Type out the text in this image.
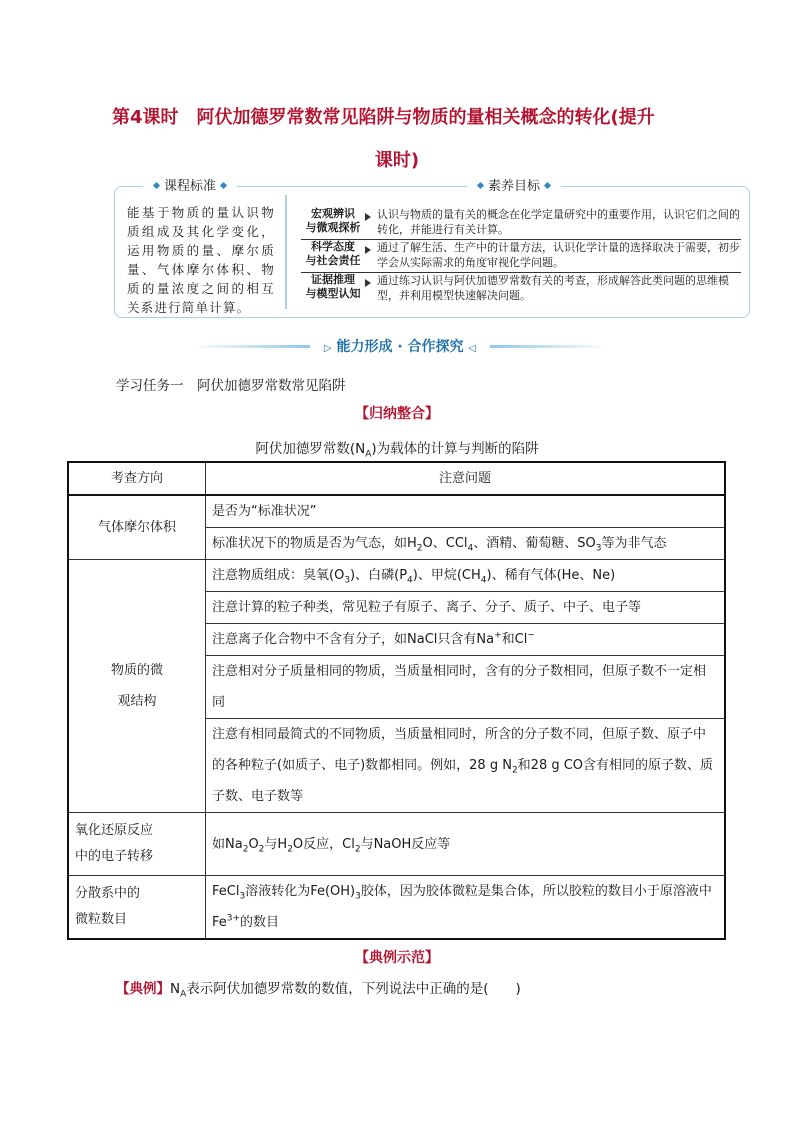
第4课时　阿伏加德罗常数常见陷阱与物质的量相关概念的转化(提升
课时)
课程标准	素养目标
能基于物质的量认识物质组成及其化学变化，运用物质的量、摩尔质量、气体摩尔体积、物质的量浓度之间的相互关系进行简单计算。
宏观辨识
与微观探析
认识与物质的量有关的概念在化学定量研究中的重要作用，认识它们之间的转化，并能进行有关计算。
科学态度
与社会责任
通过了解生活、生产中的计量方法，认识化学计量的选择取决于需要，初步学会从实际需求的角度审视化学问题。
证据推理
与模型认知
通过练习认识与阿伏加德罗常数有关的考查，形成解答此类问题的思维模型，并利用模型快速解决问题。
▷ 能力形成 · 合作探究 ◁
学习任务一　阿伏加德罗常数常见陷阱
【归纳整合】
阿伏加德罗常数$(N_A)$为载体的计算与判断的陷阱
考查方向	注意问题
气体摩尔体积	是否为“标准状况”
	标准状况下的物质是否为气态，如$H_2O$、CCl$_4$、酒精、葡萄糖、$SO_3$等为非气态
物质的微
观结构	注意物质组成：臭氧$(O_3)$、白磷$(P_4)$、甲烷$(CH_4)$、稀有气体(He、Ne)
	注意计算的粒子种类，常见粒子有原子、离子、分子、质子、中子、电子等
	注意离子化合物中不含有分子，如NaCl只含有Na+和Cl−
	注意相对分子质量相同的物质，当质量相同时，含有的分子数相同，但原子数不一定相同
	注意有相同最简式的不同物质，当质量相同时，所含的分子数不同，但原子数、原子中的各种粒子(如质子、电子)数都相同。例如，28 g $N_2$和28 g CO含有相同的原子数、质子数、电子数等
氧化还原反应
中的电子转移	如$Na_2O_2$与$H_2O$反应，$Cl_2$与NaOH反应等
分散系中的
微粒数目	FeCl$_3$溶液转化为$Fe(OH)_3$胶体，因为胶体微粒是集合体，所以胶粒的数目小于原溶液中$Fe^{3+}$的数目
【典例示范】
【典例】$N_A$表示阿伏加德罗常数的数值，下列说法中正确的是(　　)
